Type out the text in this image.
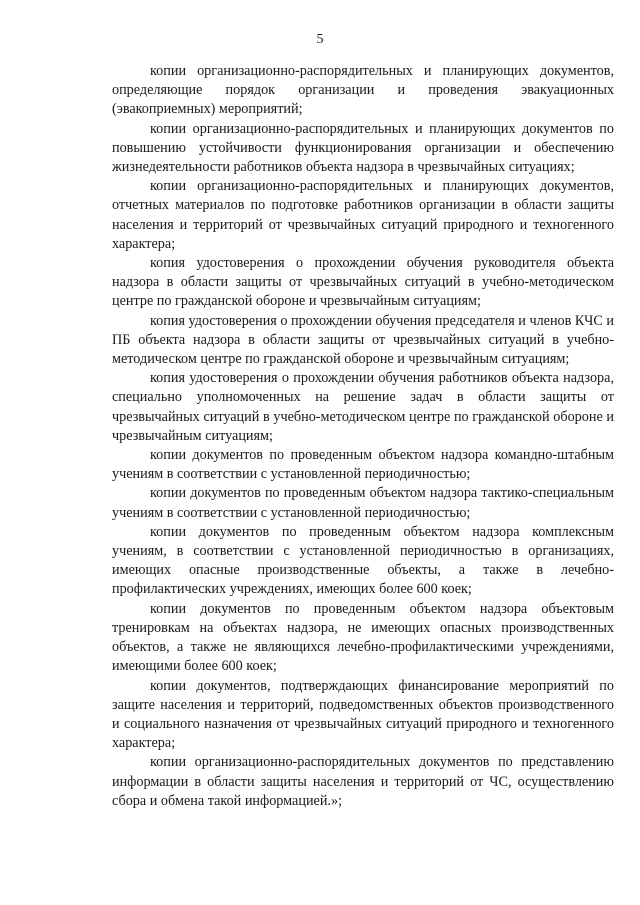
5

копии организационно-распорядительных и планирующих документов, определяющие порядок организации и проведения эвакуационных (эвакоприемных) мероприятий;

копии организационно-распорядительных и планирующих документов по повышению устойчивости функционирования организации и обеспечению жизнедеятельности работников объекта надзора в чрезвычайных ситуациях;

копии организационно-распорядительных и планирующих документов, отчетных материалов по подготовке работников организации в области защиты населения и территорий от чрезвычайных ситуаций природного и техногенного характера;

копия удостоверения о прохождении обучения руководителя объекта надзора в области защиты от чрезвычайных ситуаций в учебно-методическом центре по гражданской обороне и чрезвычайным ситуациям;

копия удостоверения о прохождении обучения председателя и членов КЧС и ПБ объекта надзора в области защиты от чрезвычайных ситуаций в учебно-методическом центре по гражданской обороне и чрезвычайным ситуациям;

копия удостоверения о прохождении обучения работников объекта надзора, специально уполномоченных на решение задач в области защиты от чрезвычайных ситуаций в учебно-методическом центре по гражданской обороне и чрезвычайным ситуациям;

копии документов по проведенным объектом надзора командно-штабным учениям в соответствии с установленной периодичностью;

копии документов по проведенным объектом надзора тактико-специальным учениям в соответствии с установленной периодичностью;

копии документов по проведенным объектом надзора комплексным учениям, в соответствии с установленной периодичностью в организациях, имеющих опасные производственные объекты, а также в лечебно-профилактических учреждениях, имеющих более 600 коек;

копии документов по проведенным объектом надзора объектовым тренировкам на объектах надзора, не имеющих опасных производственных объектов, а также не являющихся лечебно-профилактическими учреждениями, имеющими более 600 коек;

копии документов, подтверждающих финансирование мероприятий по защите населения и территорий, подведомственных объектов производственного и социального назначения от чрезвычайных ситуаций природного и техногенного характера;

копии организационно-распорядительных документов по представлению информации в области защиты населения и территорий от ЧС, осуществлению сбора и обмена такой информацией.»;
